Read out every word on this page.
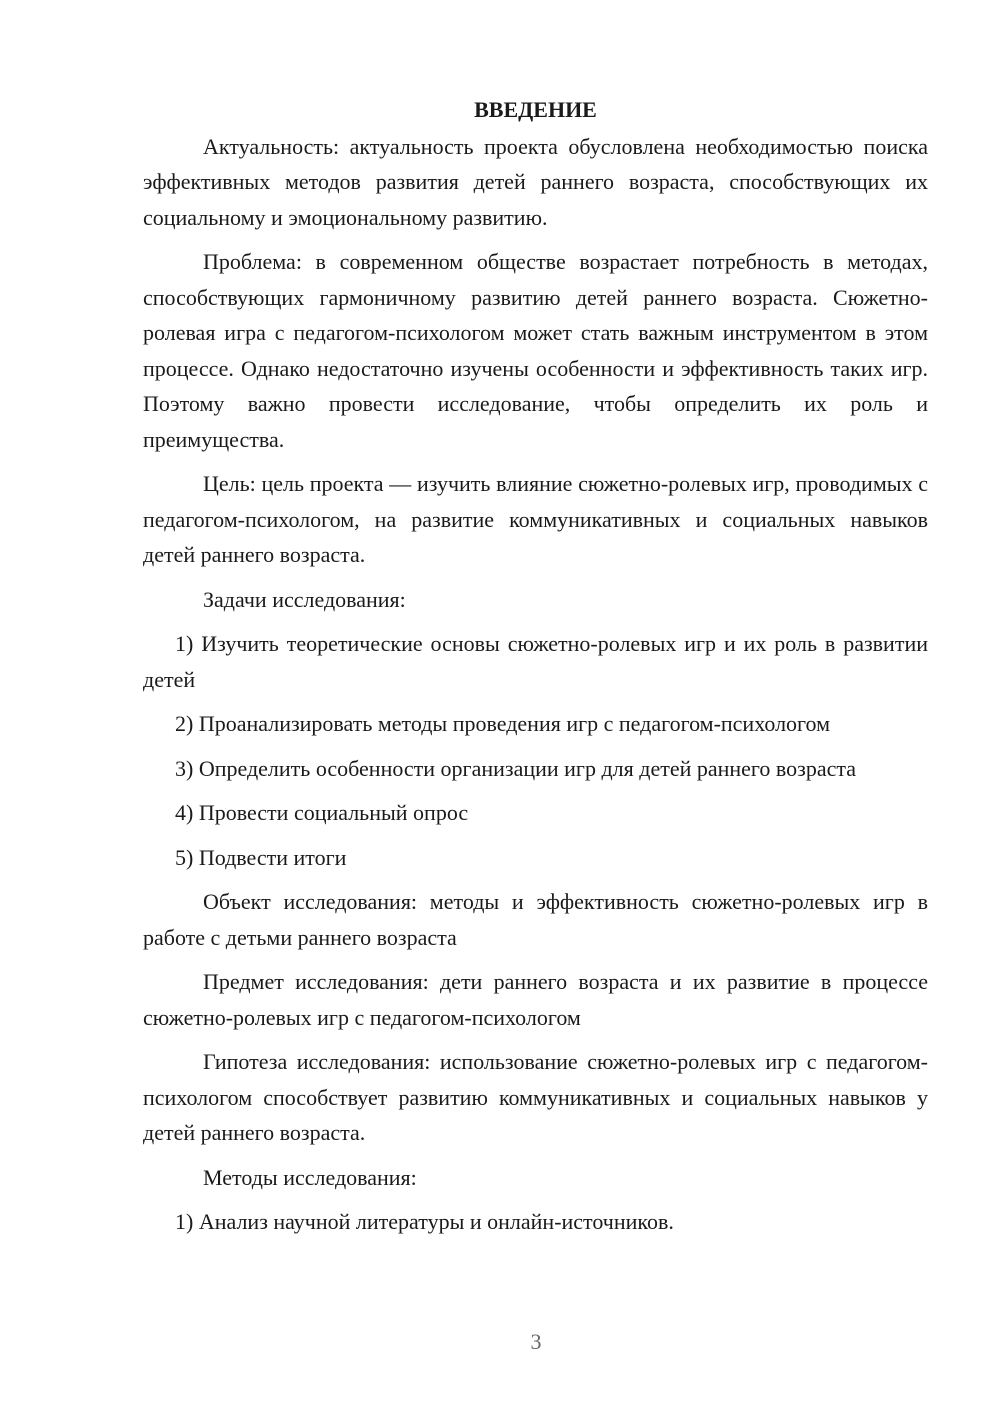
ВВЕДЕНИЕ

Актуальность: актуальность проекта обусловлена необходимостью поиска эффективных методов развития детей раннего возраста, способствующих их социальному и эмоциональному развитию.

Проблема: в современном обществе возрастает потребность в методах, способствующих гармоничному развитию детей раннего возраста. Сюжетно-ролевая игра с педагогом-психологом может стать важным инструментом в этом процессе. Однако недостаточно изучены особенности и эффективность таких игр. Поэтому важно провести исследование, чтобы определить их роль и преимущества.

Цель: цель проекта — изучить влияние сюжетно-ролевых игр, проводимых с педагогом-психологом, на развитие коммуникативных и социальных навыков детей раннего возраста.

Задачи исследования:

1) Изучить теоретические основы сюжетно-ролевых игр и их роль в развитии детей

2) Проанализировать методы проведения игр с педагогом-психологом

3) Определить особенности организации игр для детей раннего возраста

4) Провести социальный опрос

5) Подвести итоги

Объект исследования: методы и эффективность сюжетно-ролевых игр в работе с детьми раннего возраста

Предмет исследования: дети раннего возраста и их развитие в процессе сюжетно-ролевых игр с педагогом-психологом

Гипотеза исследования: использование сюжетно-ролевых игр с педагогом-психологом способствует развитию коммуникативных и социальных навыков у детей раннего возраста.

Методы исследования:

1) Анализ научной литературы и онлайн-источников.

3
